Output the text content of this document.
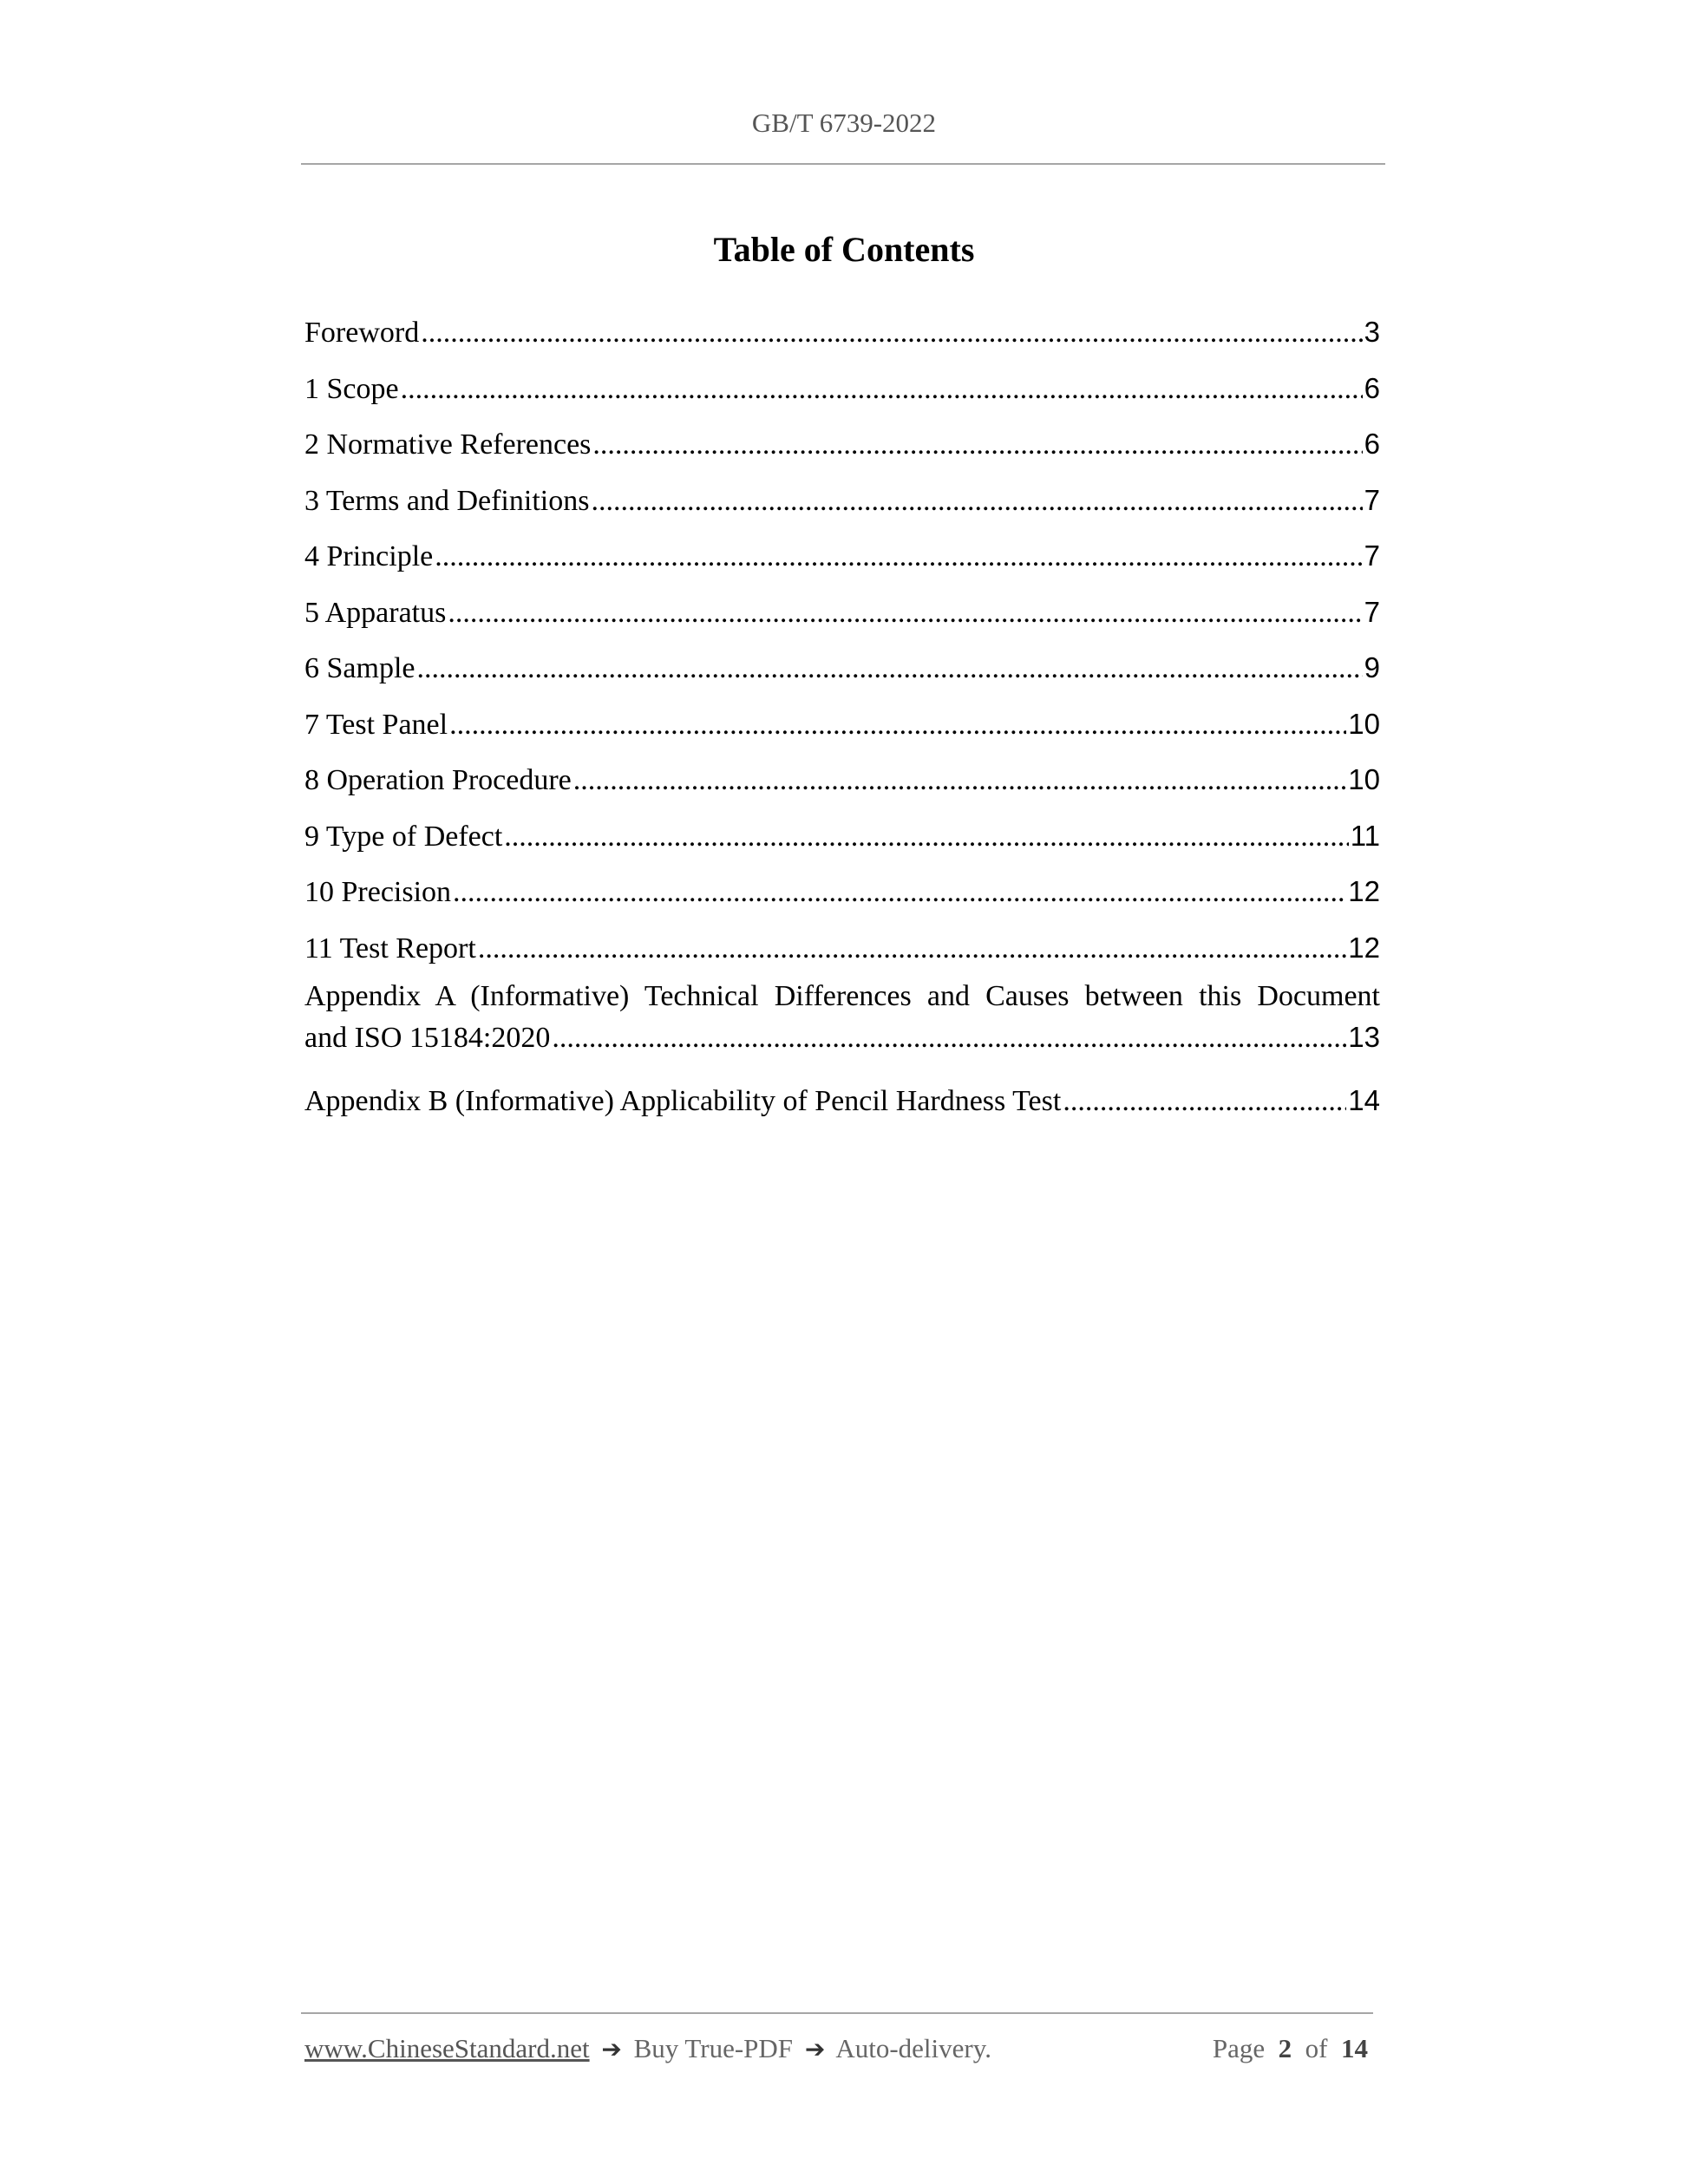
GB/T 6739-2022
Table of Contents
Foreword .....	3
1 Scope .....	6
2 Normative References .....	6
3 Terms and Definitions .....	7
4 Principle .....	7
5 Apparatus .....	7
6 Sample .....	9
7 Test Panel .....	10
8 Operation Procedure .....	10
9 Type of Defect .....	11
10 Precision .....	12
11 Test Report .....	12
Appendix A (Informative) Technical Differences and Causes between this Document
and ISO 15184:2020 .....	13
Appendix B (Informative) Applicability of Pencil Hardness Test .....	14
www.ChineseStandard.net ➔ Buy True-PDF ➔ Auto-delivery.	Page 2 of 14
